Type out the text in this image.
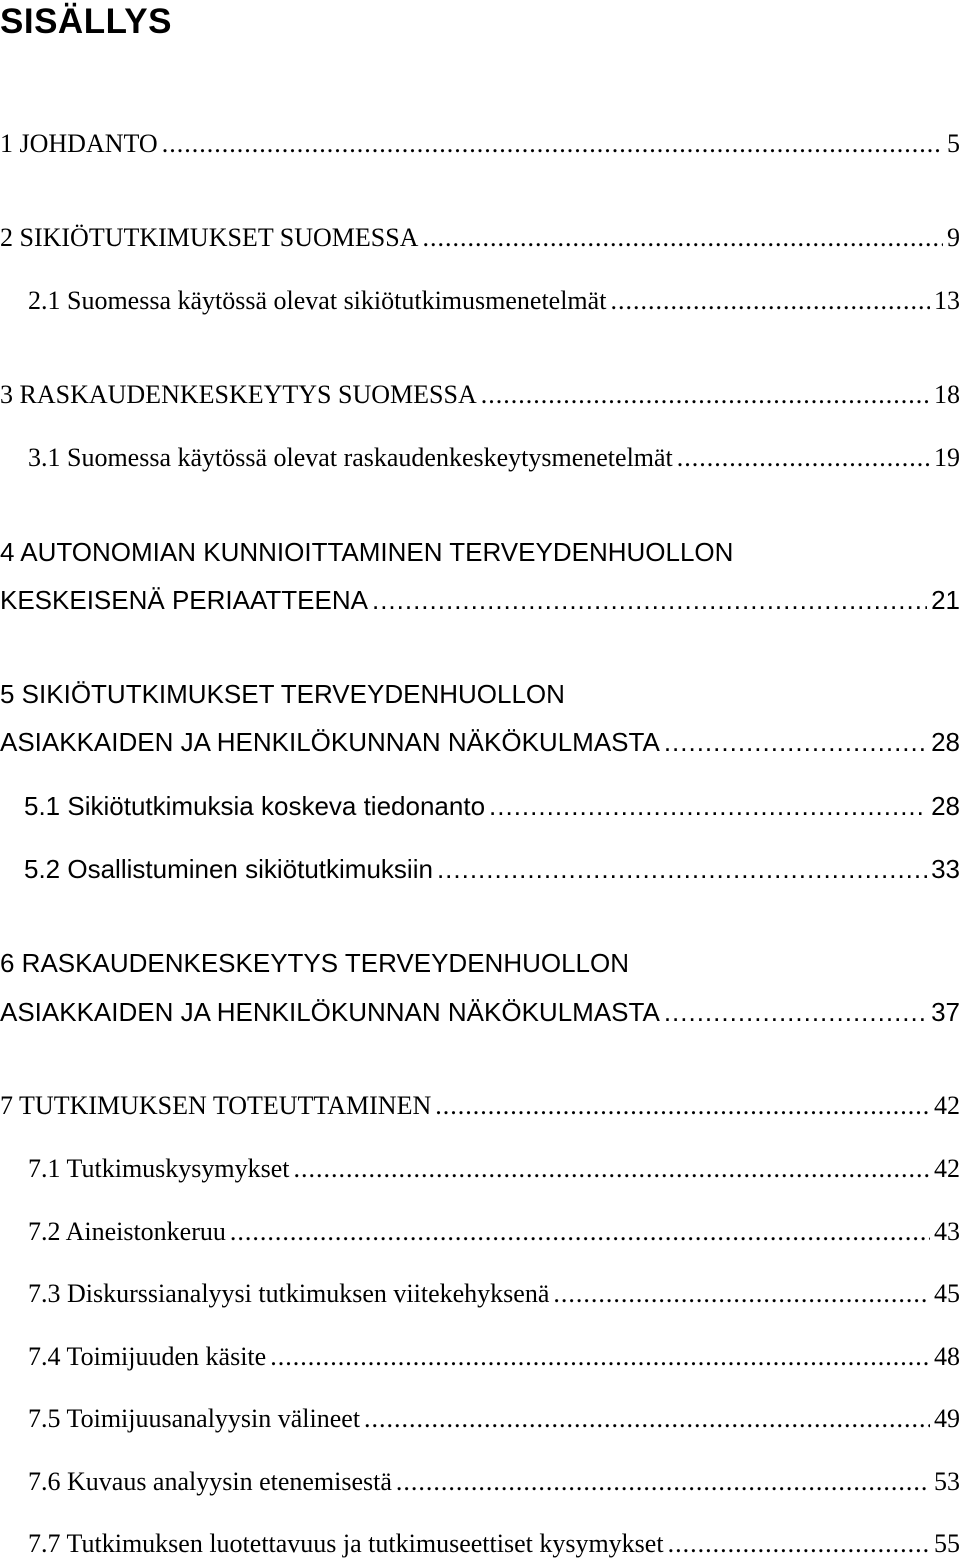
SISÄLLYS
1 JOHDANTO .....	5
2 SIKIÖTUTKIMUKSET SUOMESSA .....	9
2.1 Suomessa käytössä olevat sikiötutkimusmenetelmät .....	13
3 RASKAUDENKESKEYTYS SUOMESSA .....	18
3.1 Suomessa käytössä olevat raskaudenkeskeytysmenetelmät .....	19
4 AUTONOMIAN KUNNIOITTAMINEN TERVEYDENHUOLLON
KESKEISENÄ PERIAATTEENA .....	21
5 SIKIÖTUTKIMUKSET TERVEYDENHUOLLON
ASIAKKAIDEN JA HENKILÖKUNNAN NÄKÖKULMASTA .....	28
5.1 Sikiötutkimuksia koskeva tiedonanto .....	28
5.2 Osallistuminen sikiötutkimuksiin .....	33
6 RASKAUDENKESKEYTYS TERVEYDENHUOLLON
ASIAKKAIDEN JA HENKILÖKUNNAN NÄKÖKULMASTA .....	37
7 TUTKIMUKSEN TOTEUTTAMINEN .....	42
7.1 Tutkimuskysymykset .....	42
7.2 Aineistonkeruu .....	43
7.3 Diskurssianalyysi tutkimuksen viitekehyksenä .....	45
7.4 Toimijuuden käsite .....	48
7.5 Toimijuusanalyysin välineet .....	49
7.6 Kuvaus analyysin etenemisestä .....	53
7.7 Tutkimuksen luotettavuus ja tutkimuseettiset kysymykset .....	55
